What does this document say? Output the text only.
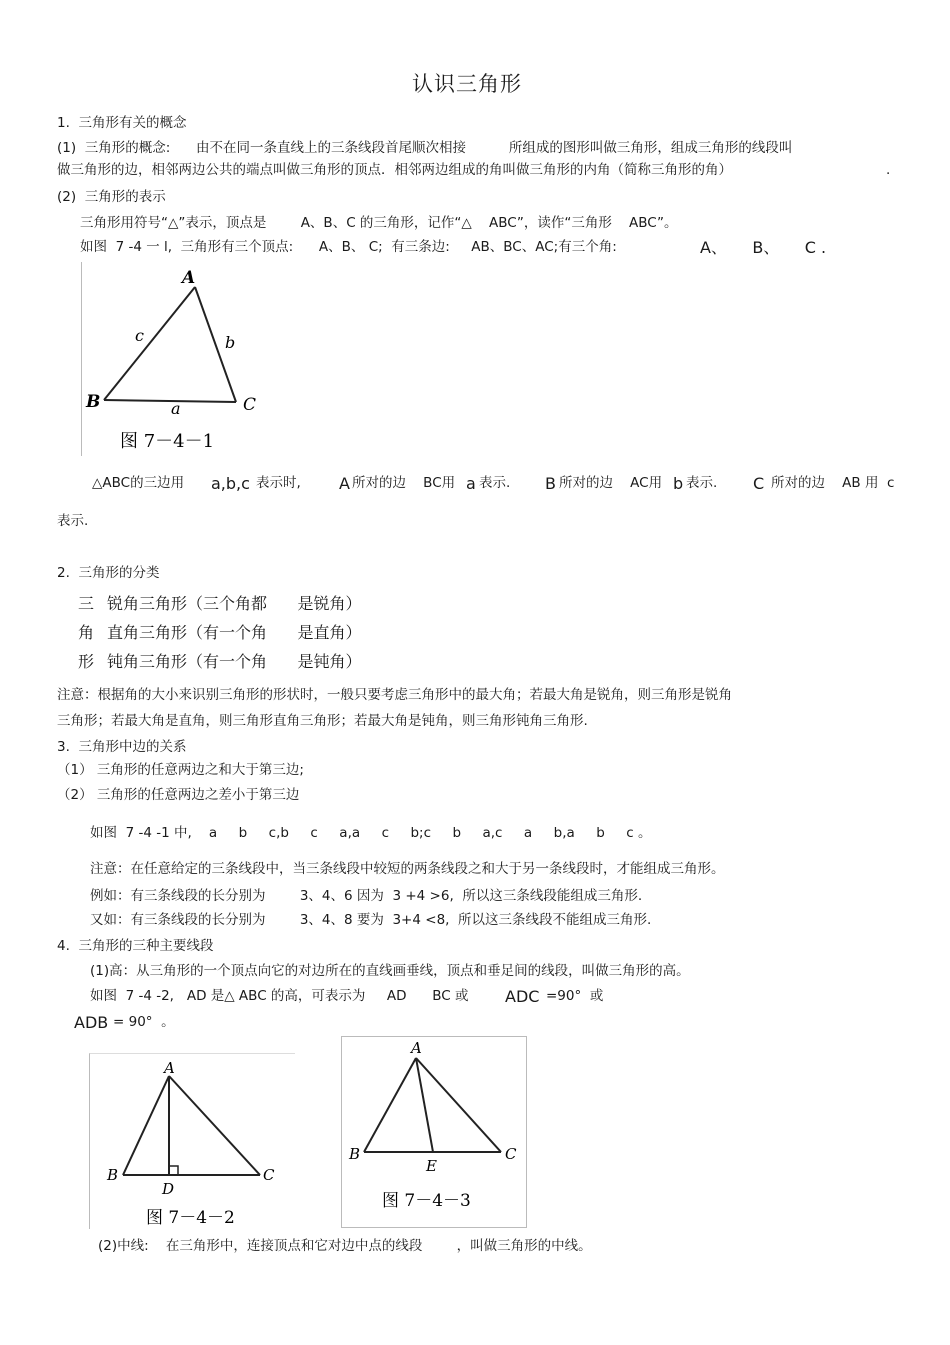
认识三角形
1.  三角形有关的概念
(1)  三角形的概念:      由不在同一条直线上的三条线段首尾顺次相接          所组成的图形叫做三角形，组成三角形的线段叫
做三角形的边，相邻两边公共的端点叫做三角形的顶点．相邻两边组成的角叫做三角形的内角（简称三角形的角）	.
(2)  三角形的表示
三角形用符号“△”表示，顶点是        A、B、C 的三角形，记作“△    ABC”，读作“三角形    ABC”。
如图  7 -4 一 l,  三角形有三个顶点:      A、B、 C;  有三条边:     AB、BC、AC;有三个角:	A、     B、     C .
A
B	C
a
b
c
图 7－4－1
△ABC的三边用 a,b,c 表示时, A 所对的边    BC用 a 表示. B 所对的边    AC用 b 表示. C 所对的边    AB 用  c
表示.
2.  三角形的分类
三 锐角三角形（三个角都      是锐角）
角 直角三角形（有一个角      是直角）
形 钝角三角形（有一个角      是钝角）
注意：根据角的大小来识别三角形的形状时，一般只要考虑三角形中的最大角；若最大角是锐角，则三角形是锐角
三角形；若最大角是直角，则三角形直角三角形；若最大角是钝角，则三角形钝角三角形.
3.  三角形中边的关系
（1） 三角形的任意两边之和大于第三边;
（2） 三角形的任意两边之差小于第三边
如图  7 -4 -1 中,    a     b     c,b     c     a,a     c     b;c     b     a,c     a     b,a     b     c 。
注意：在任意给定的三条线段中，当三条线段中较短的两条线段之和大于另一条线段时，才能组成三角形。
例如：有三条线段的长分别为        3、4、6 因为  3 +4 >6,  所以这三条线段能组成三角形.
又如：有三条线段的长分别为        3、4、8 要为  3+4 <8,  所以这三条线段不能组成三角形.
4.  三角形的三种主要线段
(1)高：从三角形的一个顶点向它的对边所在的直线画垂线，顶点和垂足间的线段，叫做三角形的高。
如图  7 -4 -2,   AD 是△ ABC 的高，可表示为     AD      BC 或 ADC =90°  或
ADB = 90°  。
A
B	C
D
图 7－4－2
A
B	C
E
图 7－4－3
(2)中线:    在三角形中，连接顶点和它对边中点的线段        ，叫做三角形的中线。
